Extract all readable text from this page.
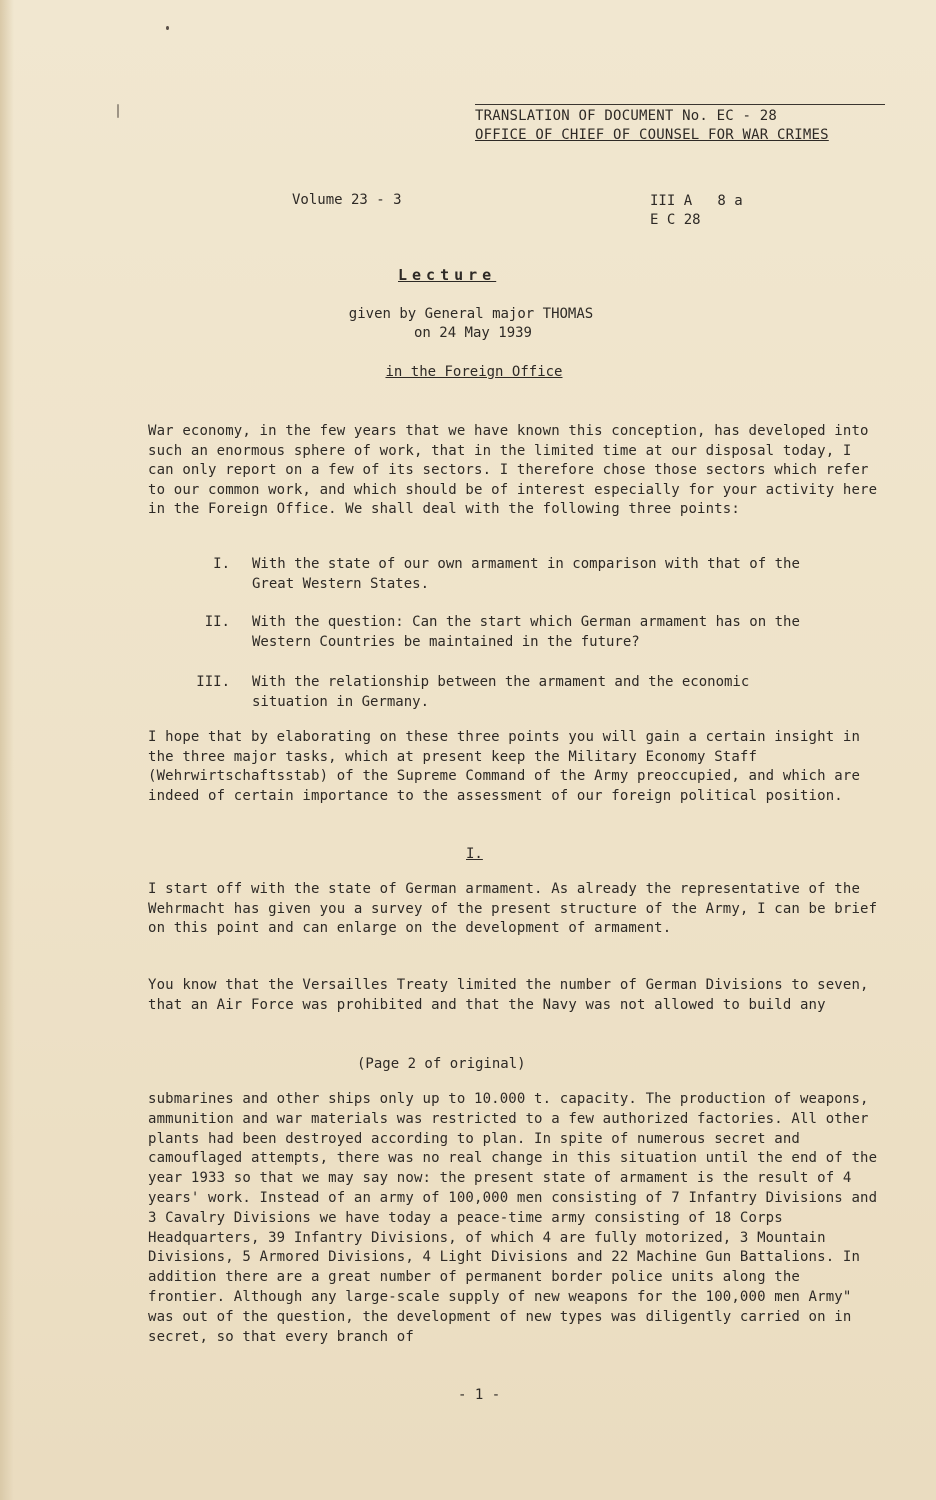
TRANSLATION OF DOCUMENT No. EC - 28
OFFICE OF CHIEF OF COUNSEL FOR WAR CRIMES
Volume 23 - 3	III A   8 a
E C 28
Lecture
given by General major THOMAS
on 24 May 1939
in the Foreign Office

War economy, in the few years that we have known this conception, has developed into such an enormous sphere of work, that in the limited time at our disposal today, I can only report on a few of its sectors. I therefore chose those sectors which refer to our common work, and which should be of interest especially for your activity here in the Foreign Office. We shall deal with the following three points:

I. With the state of our own armament in comparison with that of the Great Western States.
II. With the question: Can the start which German armament has on the Western Countries be maintained in the future?
III. With the relationship between the armament and the economic situation in Germany.

I hope that by elaborating on these three points you will gain a certain insight in the three major tasks, which at present keep the Military Economy Staff (Wehrwirtschaftsstab) of the Supreme Command of the Army preoccupied, and which are indeed of certain importance to the assessment of our foreign political position.

I.

I start off with the state of German armament. As already the representative of the Wehrmacht has given you a survey of the present structure of the Army, I can be brief on this point and can enlarge on the development of armament.

You know that the Versailles Treaty limited the number of German Divisions to seven, that an Air Force was prohibited and that the Navy was not allowed to build any

(Page 2 of original)

submarines and other ships only up to 10.000 t. capacity. The production of weapons, ammunition and war materials was restricted to a few authorized factories. All other plants had been destroyed according to plan. In spite of numerous secret and camouflaged attempts, there was no real change in this situation until the end of the year 1933 so that we may say now: the present state of armament is the result of 4 years' work. Instead of an army of 100,000 men consisting of 7 Infantry Divisions and 3 Cavalry Divisions we have today a peace-time army consisting of 18 Corps Headquarters, 39 Infantry Divisions, of which 4 are fully motorized, 3 Mountain Divisions, 5 Armored Divisions, 4 Light Divisions and 22 Machine Gun Battalions. In addition there are a great number of permanent border police units along the frontier. Although any large-scale supply of new weapons for the 100,000 men Army" was out of the question, the development of new types was diligently carried on in secret, so that every branch of

- 1 -
